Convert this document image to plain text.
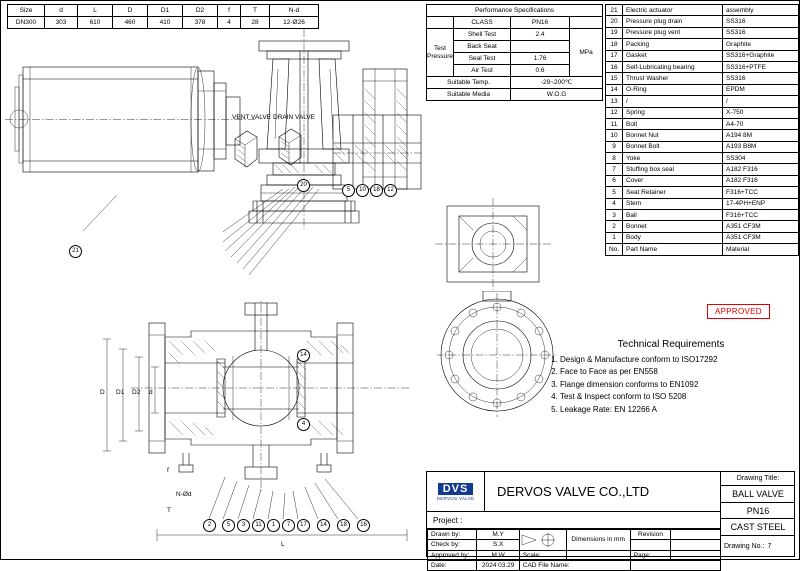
Size	d	L	D	D1	D2	f	T	N-d
DN300	303	610	460	410	378	4	28	12-Ø26
Performance Specifications			
	CLASS	PN16	
Test Pressure	Shell Test	2.4	MPa
	Back Seat		
	Seal Test	1.76	
	Air Test	0.6	
Suitable Temp.		-29~200℃	
Suitable Media		W.O.G	
21	Electric actuator	assembly
20	Pressure plug drain	SS316
19	Pressure plug vent	SS316
18	Packing	Graphite
17	Gasket	SS316+Graphite
16	Self-Lubricating bearing	SS316+PTFE
15	Thrust Washer	SS316
14	O-Ring	EPDM
13	/	/
12	Spring	X-750
11	Bolt	A4-70
10	Bonnet Nut	A194 8M
9	Bonnet Bolt	A193 B8M
8	Yoke	SS304
7	Stuffing box seal	A182 F316
6	Cover	A182 F316
5	Seat Retainer	F316+TCC
4	Stem	17-4PH+ENP
3	Ball	F316+TCC
2	Bonnet	A351 CF3M
1	Body	A351 CF3M
No.	Part Name	Material
21
VENT VALVE DRAIN VALVE
5	10	18	12
D D1 D2 d
f
T
N-Ød
L
2	5	3	11	1	7	17	14	18	16
APPROVED
Technical Requirements
1. Design & Manufacture conform to ISO17292
2. Face to Face as per EN558
3. Flange dimension conforms to EN1092
4. Test & Inspect conform to ISO 5208
5. Leakage Rate: EN 12266 A
DVS
DERVOS VALVE	DERVOS VALVE CO.,LTD
Project :
Drawing Title:
BALL VALVE
PN16
CAST STEEL
Drawing No.: 7
Drawn by:	M.Y		Dimensions in mm	Revision	
Check by:	S.X				
Approved by:	M.W	Scale:		Page:	
Date:	2024 03.29	CAD File Name:			
20
14
4
